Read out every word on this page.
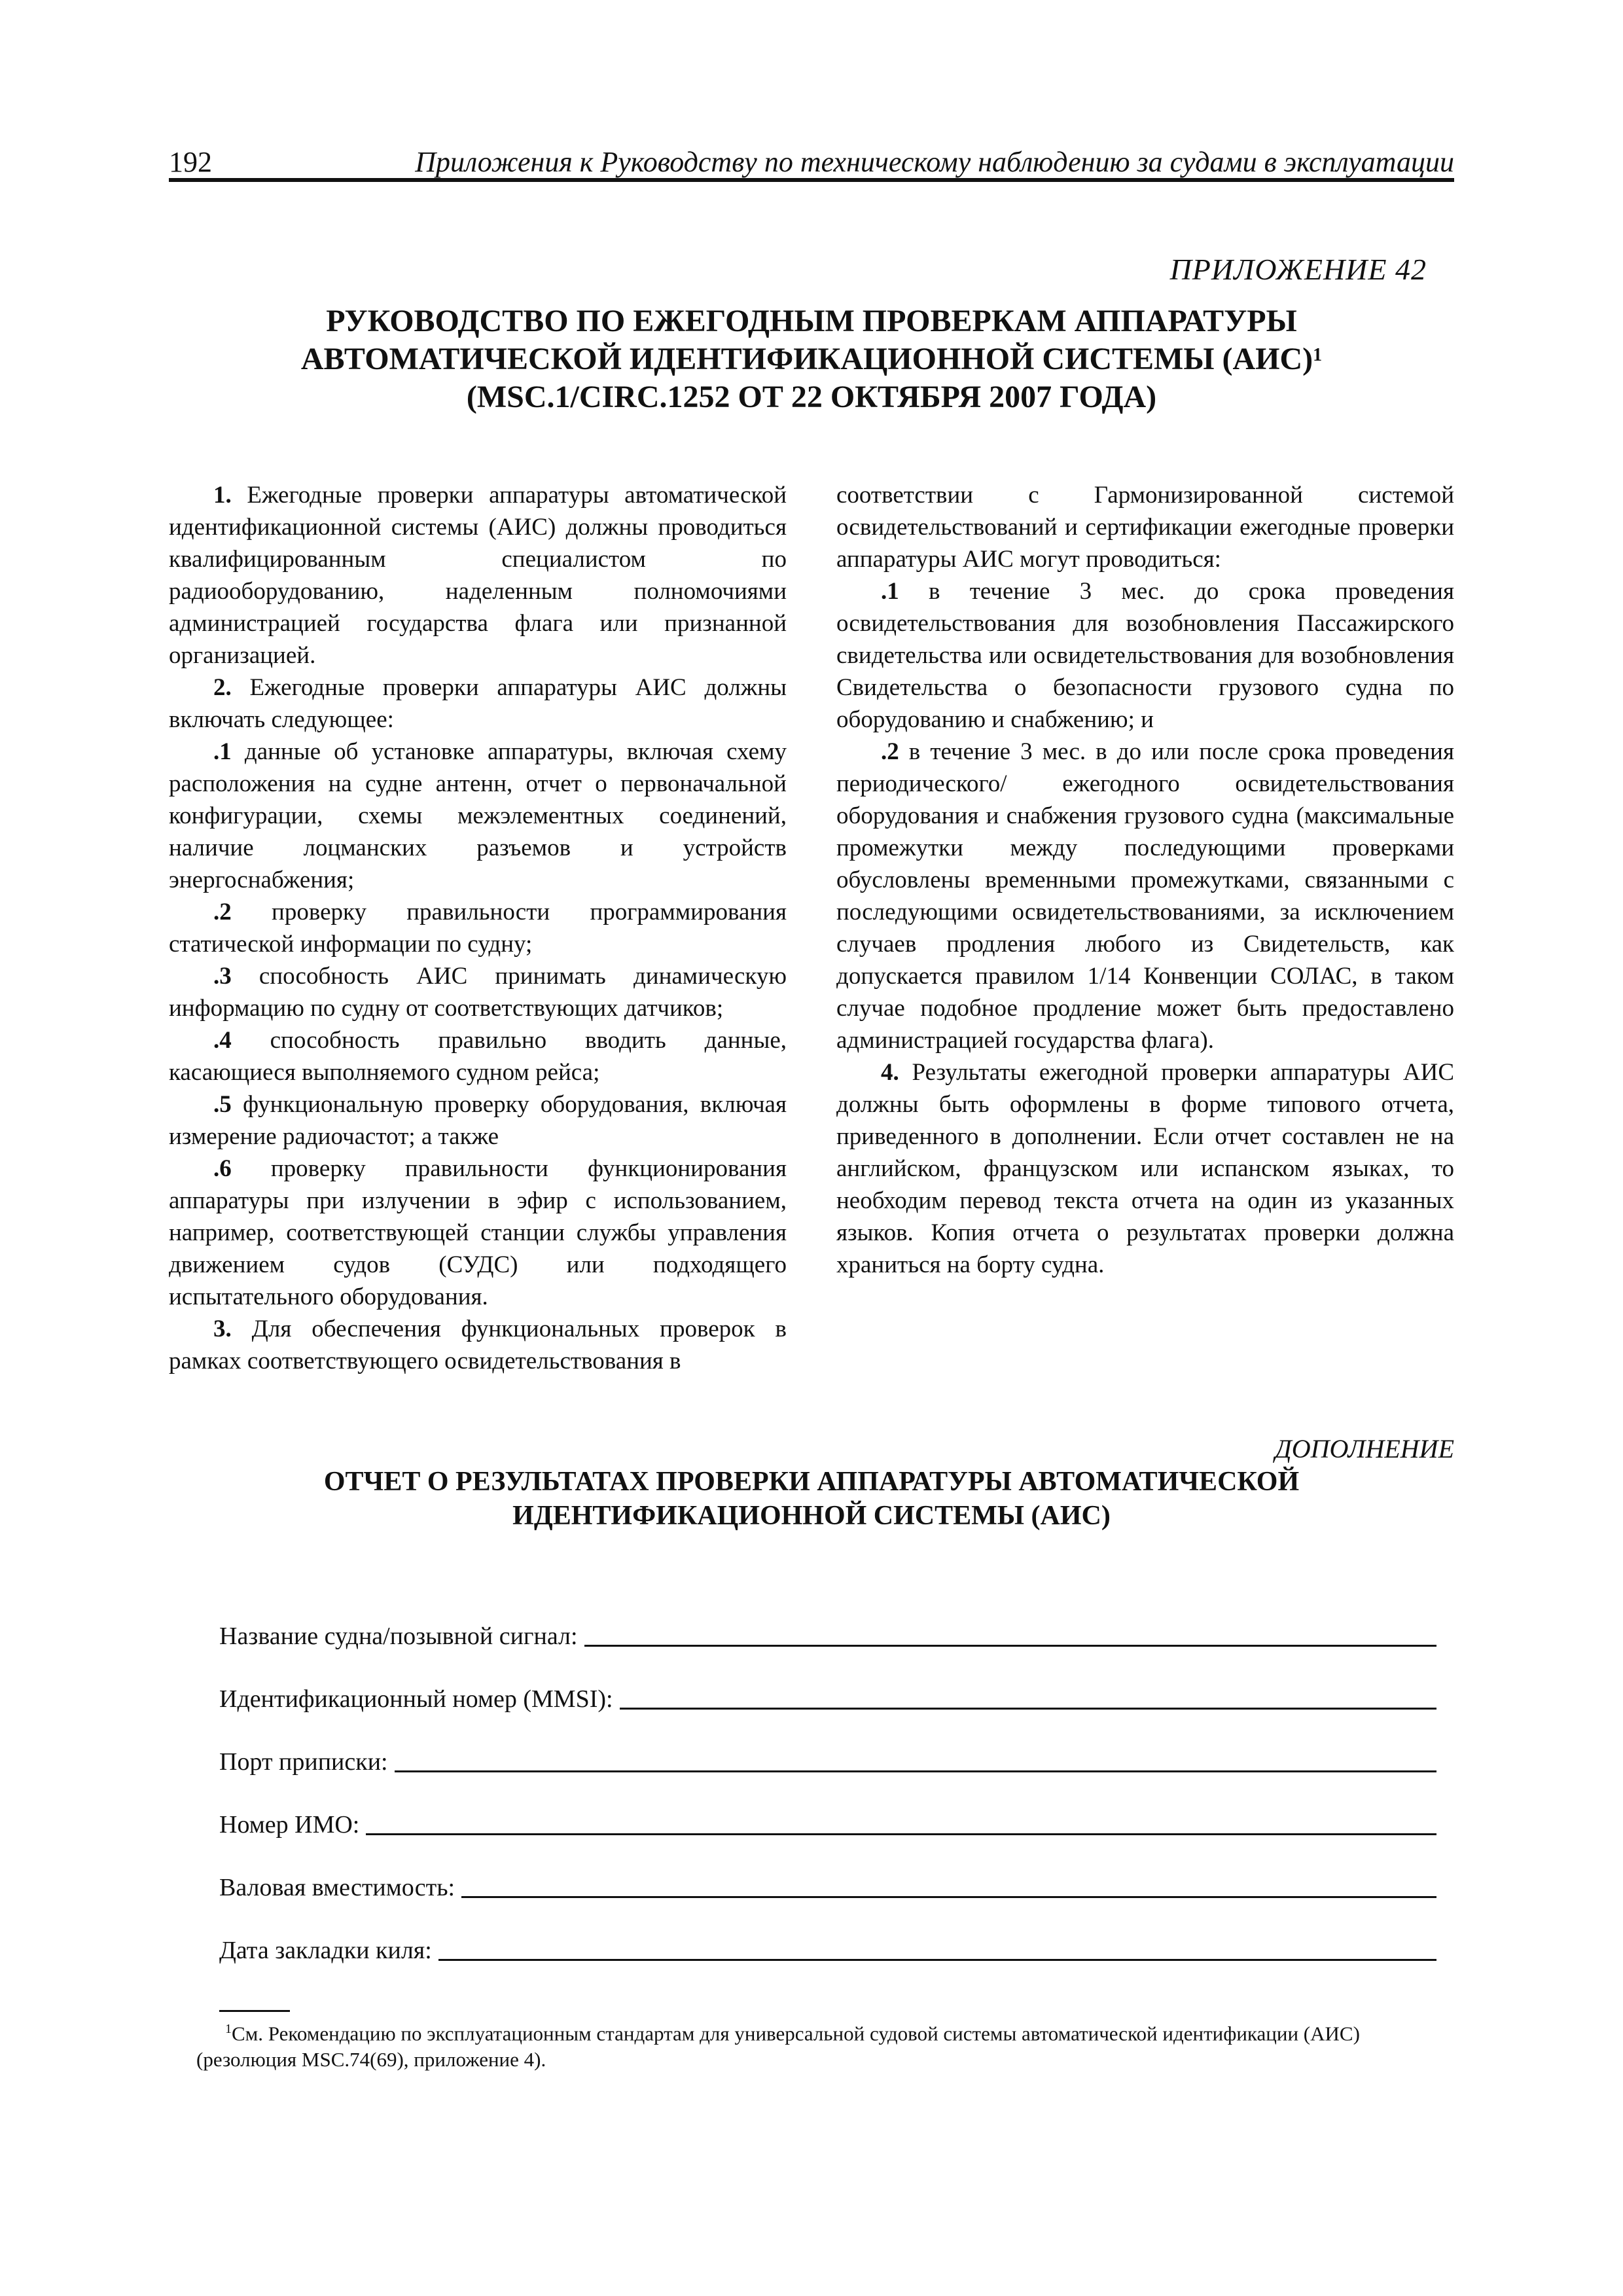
192	Приложения к Руководству по техническому наблюдению за судами в эксплуатации
ПРИЛОЖЕНИЕ 42
РУКОВОДСТВО ПО ЕЖЕГОДНЫМ ПРОВЕРКАМ АППАРАТУРЫ
АВТОМАТИЧЕСКОЙ ИДЕНТИФИКАЦИОННОЙ СИСТЕМЫ (АИС)$^1$
(MSC.1/CIRC.1252 ОТ 22 ОКТЯБРЯ 2007 ГОДА)

1. Ежегодные проверки аппаратуры автоматической идентификационной системы (АИС) должны проводиться квалифицированным специалистом по радиооборудованию, наделенным полномочиями администрацией государства флага или признанной организацией.

2. Ежегодные проверки аппаратуры АИС должны включать следующее:

.1 данные об установке аппаратуры, включая схему расположения на судне антенн, отчет о первоначальной конфигурации, схемы межэлементных соединений, наличие лоцманских разъемов и устройств энергоснабжения;

.2 проверку правильности программирования статической информации по судну;

.3 способность АИС принимать динамическую информацию по судну от соответствующих датчиков;

.4 способность правильно вводить данные, касающиеся выполняемого судном рейса;

.5 функциональную проверку оборудования, включая измерение радиочастот; а также

.6 проверку правильности функционирования аппаратуры при излучении в эфир с использованием, например, соответствующей станции службы управления движением судов (СУДС) или подходящего испытательного оборудования.

3. Для обеспечения функциональных проверок в рамках соответствующего освидетельствования в

соответствии с Гармонизированной системой освидетельствований и сертификации ежегодные проверки аппаратуры АИС могут проводиться:

.1 в течение 3 мес. до срока проведения освидетельствования для возобновления Пассажирского свидетельства или освидетельствования для возобновления Свидетельства о безопасности грузового судна по оборудованию и снабжению; и

.2 в течение 3 мес. в до или после срока проведения периодического/ ежегодного освидетельствования оборудования и снабжения грузового судна (максимальные промежутки между последующими проверками обусловлены временными промежутками, связанными с последующими освидетельствованиями, за исключением случаев продления любого из Свидетельств, как допускается правилом 1/14 Конвенции СОЛАС, в таком случае подобное продление может быть предоставлено администрацией государства флага).

4. Результаты ежегодной проверки аппаратуры АИС должны быть оформлены в форме типового отчета, приведенного в дополнении. Если отчет составлен не на английском, французском или испанском языках, то необходим перевод текста отчета на один из указанных языков. Копия отчета о результатах проверки должна храниться на борту судна.

ДОПОЛНЕНИЕ
ОТЧЕТ О РЕЗУЛЬТАТАХ ПРОВЕРКИ АППАРАТУРЫ АВТОМАТИЧЕСКОЙ
ИДЕНТИФИКАЦИОННОЙ СИСТЕМЫ (АИС)
Название судна/позывной сигнал:
Идентификационный номер (MMSI):
Порт приписки:
Номер ИМО:
Валовая вместимость:
Дата закладки киля:
$^1$См. Рекомендацию по эксплуатационным стандартам для универсальной судовой системы автоматической идентификации (АИС) (резолюция MSC.74(69), приложение 4).
